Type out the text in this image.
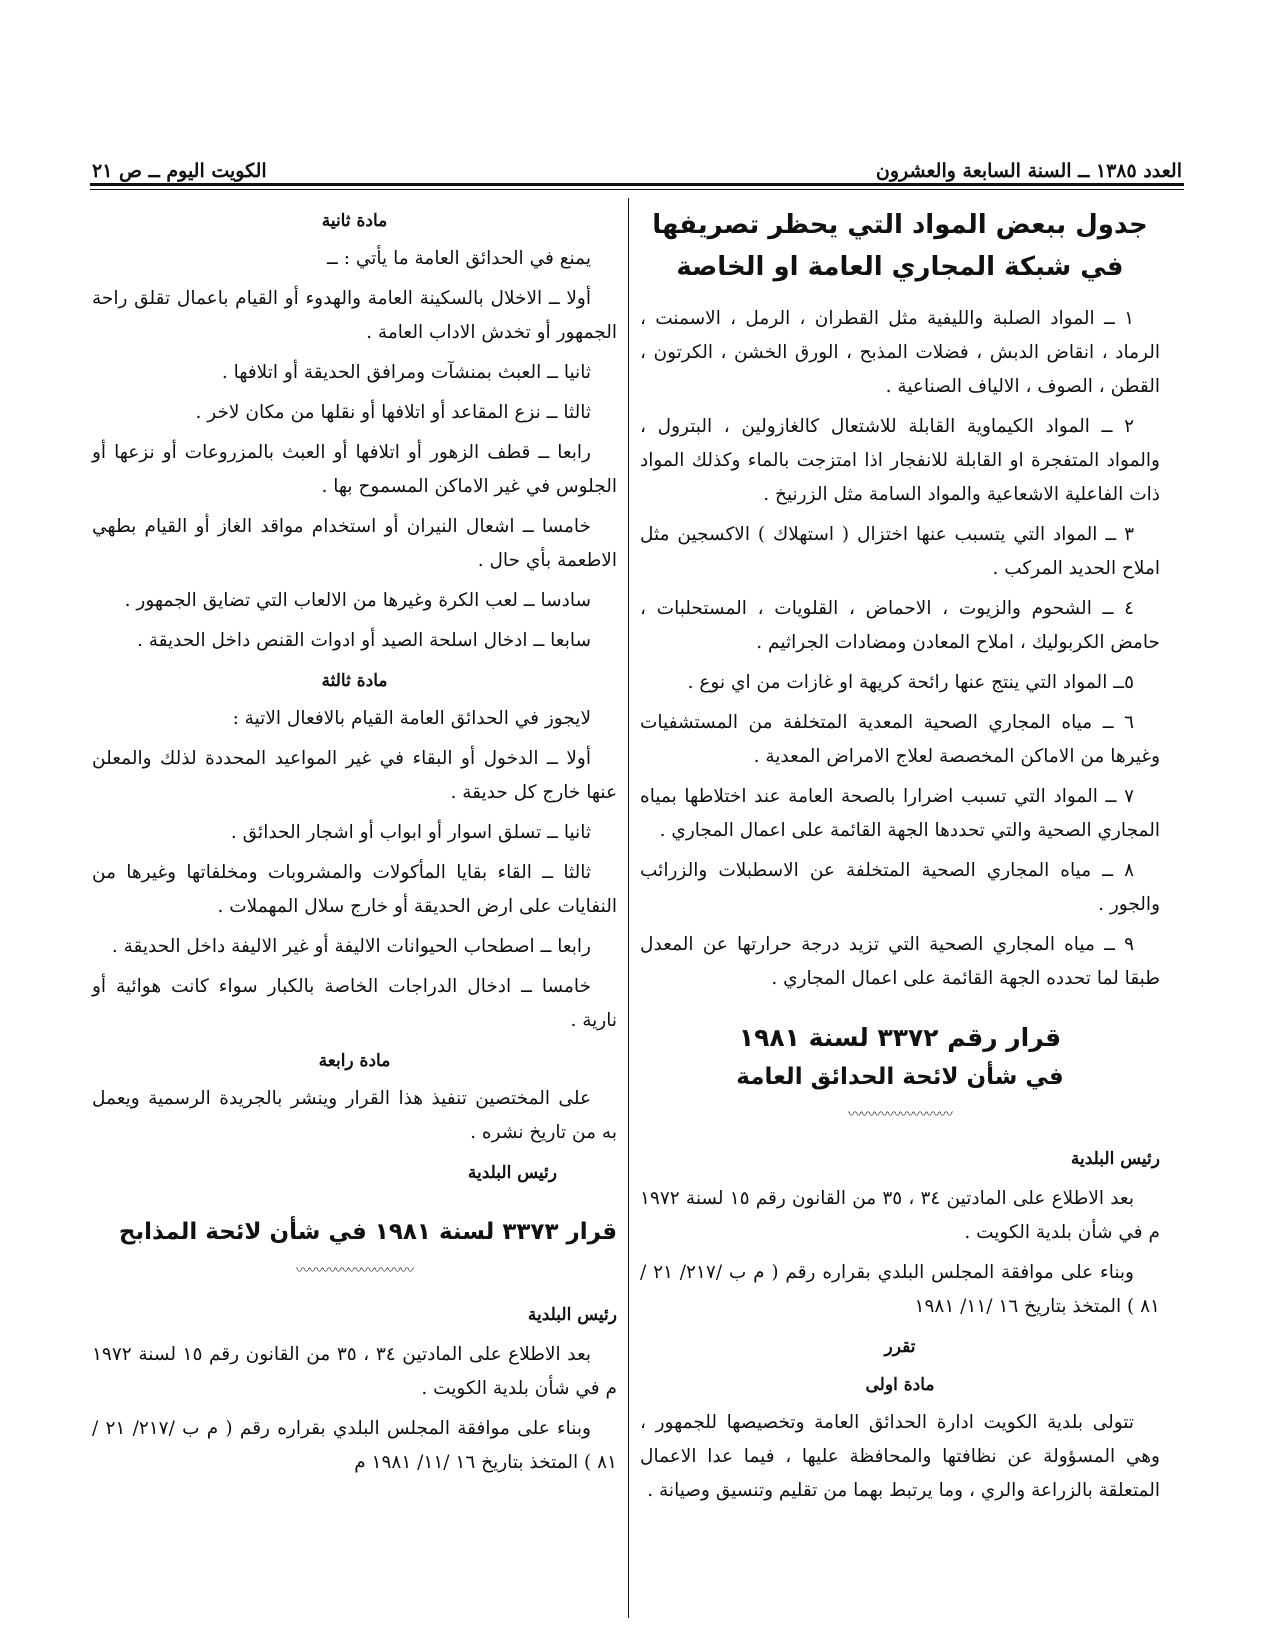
العدد ١٣٨٥ ــ السنة السابعة والعشرون
الكويت اليوم ــ ص ٢١
جدول ببعض المواد التي يحظر تصريفها في شبكة المجاري العامة او الخاصة
١ ــ المواد الصلبة والليفية مثل القطران ، الرمل ، الاسمنت ، الرماد ، انقاض الدبش ، فضلات المذبح ، الورق الخشن ، الكرتون ، القطن ، الصوف ، الالياف الصناعية .
٢ ــ المواد الكيماوية القابلة للاشتعال كالغازولين ، البترول ، والمواد المتفجرة او القابلة للانفجار اذا امتزجت بالماء وكذلك المواد ذات الفاعلية الاشعاعية والمواد السامة مثل الزرنيخ .
٣ ــ المواد التي يتسبب عنها اختزال ( استهلاك ) الاكسجين مثل املاح الحديد المركب .
٤ ــ الشحوم والزيوت ، الاحماض ، القلويات ، المستحلبات ، حامض الكربوليك ، املاح المعادن ومضادات الجراثيم .
٥ــ المواد التي ينتج عنها رائحة كريهة او غازات من اي نوع .
٦ ــ مياه المجاري الصحية المعدية المتخلفة من المستشفيات وغيرها من الاماكن المخصصة لعلاج الامراض المعدية .
٧ ــ المواد التي تسبب اضرارا بالصحة العامة عند اختلاطها بمياه المجاري الصحية والتي تحددها الجهة القائمة على اعمال المجاري .
٨ ــ مياه المجاري الصحية المتخلفة عن الاسطبلات والزرائب والجور .
٩ ــ مياه المجاري الصحية التي تزيد درجة حرارتها عن المعدل طبقا لما تحدده الجهة القائمة على اعمال المجاري .
قرار رقم ٣٣٧٢ لسنة ١٩٨١
في شأن لائحة الحدائق العامة
〰〰〰〰〰〰〰〰
رئيس البلدية
بعد الاطلاع على المادتين ٣٤ ، ٣٥ من القانون رقم ١٥ لسنة ١٩٧٢ م في شأن بلدية الكويت .
وبناء على موافقة المجلس البلدي بقراره رقم ( م ب /٢١٧/ ٢١ /٨١ ) المتخذ بتاريخ ١٦ /١١/ ١٩٨١
تقرر
مادة اولى
تتولى بلدية الكويت ادارة الحدائق العامة وتخصيصها للجمهور ، وهي المسؤولة عن نظافتها والمحافظة عليها ، فيما عدا الاعمال المتعلقة بالزراعة والري ، وما يرتبط بهما من تقليم وتنسيق وصيانة .
مادة ثانية
يمنع في الحدائق العامة ما يأتي : ــ
أولا ــ الاخلال بالسكينة العامة والهدوء أو القيام باعمال تقلق راحة الجمهور أو تخدش الاداب العامة .
ثانيا ــ العبث بمنشآت ومرافق الحديقة أو اتلافها .
ثالثا ــ نزع المقاعد أو اتلافها أو نقلها من مكان لاخر .
رابعا ــ قطف الزهور أو اتلافها أو العبث بالمزروعات أو نزعها أو الجلوس في غير الاماكن المسموح بها .
خامسا ــ اشعال النيران أو استخدام مواقد الغاز أو القيام بطهي الاطعمة بأي حال .
سادسا ــ لعب الكرة وغيرها من الالعاب التي تضايق الجمهور .
سابعا ــ ادخال اسلحة الصيد أو ادوات القنص داخل الحديقة .
مادة ثالثة
لايجوز في الحدائق العامة القيام بالافعال الاتية :
أولا ــ الدخول أو البقاء في غير المواعيد المحددة لذلك والمعلن عنها خارج كل حديقة .
ثانيا ــ تسلق اسوار أو ابواب أو اشجار الحدائق .
ثالثا ــ القاء بقايا المأكولات والمشروبات ومخلفاتها وغيرها من النفايات على ارض الحديقة أو خارج سلال المهملات .
رابعا ــ اصطحاب الحيوانات الاليفة أو غير الاليفة داخل الحديقة .
خامسا ــ ادخال الدراجات الخاصة بالكبار سواء كانت هوائية أو نارية .
مادة رابعة
على المختصين تنفيذ هذا القرار وينشر بالجريدة الرسمية ويعمل به من تاريخ نشره .
رئيس البلدية
قرار ٣٣٧٣ لسنة ١٩٨١ في شأن لائحة المذابح
〰〰〰〰〰〰〰〰〰
رئيس البلدية
بعد الاطلاع على المادتين ٣٤ ، ٣٥ من القانون رقم ١٥ لسنة ١٩٧٢ م في شأن بلدية الكويت .
وبناء على موافقة المجلس البلدي بقراره رقم ( م ب /٢١٧/ ٢١ /٨١ ) المتخذ بتاريخ ١٦ /١١/ ١٩٨١ م
